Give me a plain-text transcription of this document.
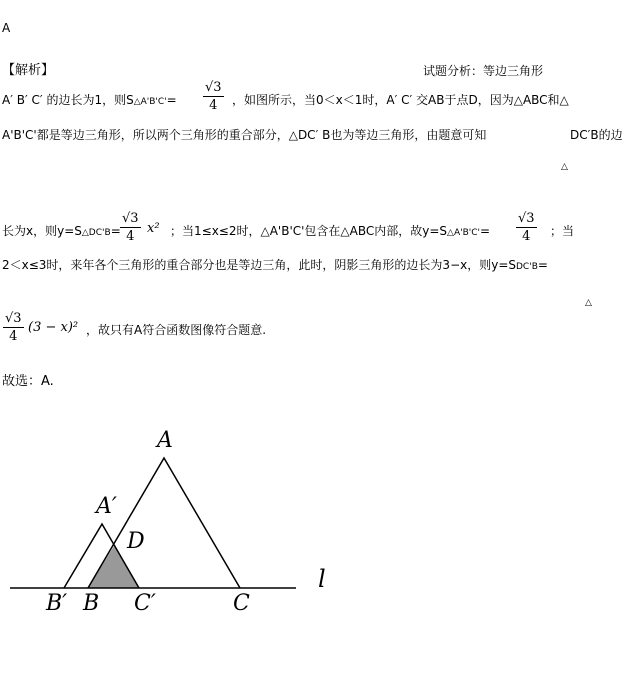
A
【解析】	试题分析：等边三角形
A′ B′ C′ 的边长为1，则S△A'B'C'= $\frac{√3}{4}$ ，如图所示，当0＜x＜1时，A′ C′ 交AB于点D，因为△ABC和△
A'B'C'都是等边三角形，所以两个三角形的重合部分，△DC′ B也为等边三角形，由题意可知	DC′B的边
△
长为x，则y=S△DC'B= $\frac{√3}{4} x^2$ ；当1≤x≤2时，△A'B'C'包含在△ABC内部，故y=S△A'B'C'= $\frac{√3}{4}$ ；当
2＜x≤3时，来年各个三角形的重合部分也是等边三角，此时，阴影三角形的边长为3−x，则y=SDC'B=
△
$\frac{√3}{4} (3 - x)^2$ ，故只有A符合函数图像符合题意.
故选：A.
A
A′
D
B′ B C′	C
l
